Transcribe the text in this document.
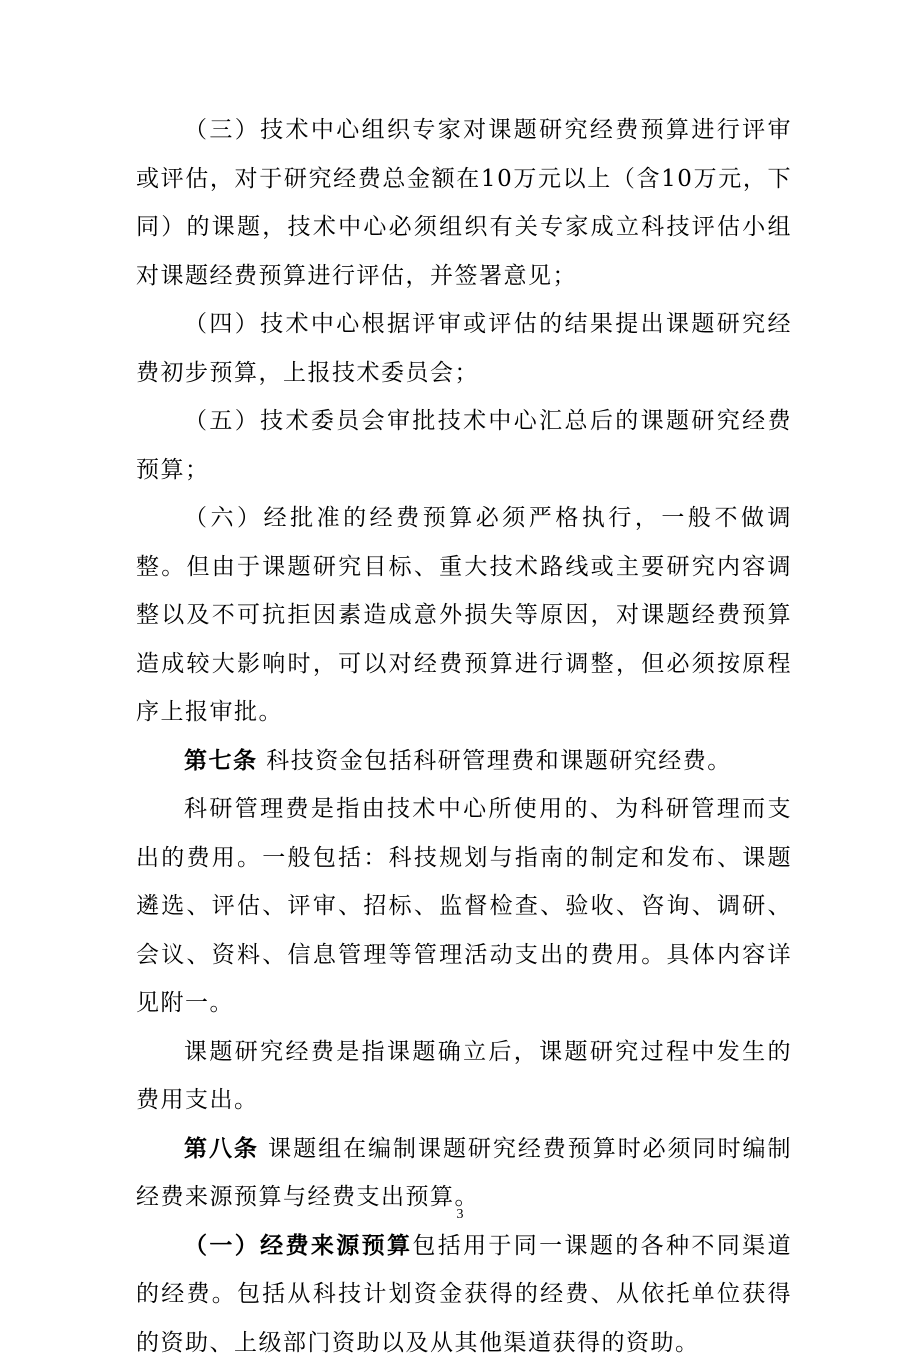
（三）技术中心组织专家对课题研究经费预算进行评审或评估，对于研究经费总金额在10万元以上（含10万元，下同）的课题，技术中心必须组织有关专家成立科技评估小组对课题经费预算进行评估，并签署意见；

（四）技术中心根据评审或评估的结果提出课题研究经费初步预算，上报技术委员会；

（五）技术委员会审批技术中心汇总后的课题研究经费预算；

（六）经批准的经费预算必须严格执行，一般不做调整。但由于课题研究目标、重大技术路线或主要研究内容调整以及不可抗拒因素造成意外损失等原因，对课题经费预算造成较大影响时，可以对经费预算进行调整，但必须按原程序上报审批。

第七条 科技资金包括科研管理费和课题研究经费。

科研管理费是指由技术中心所使用的、为科研管理而支出的费用。一般包括：科技规划与指南的制定和发布、课题遴选、评估、评审、招标、监督检查、验收、咨询、调研、会议、资料、信息管理等管理活动支出的费用。具体内容详见附一。

课题研究经费是指课题确立后，课题研究过程中发生的费用支出。

第八条 课题组在编制课题研究经费预算时必须同时编制经费来源预算与经费支出预算。

（一）经费来源预算包括用于同一课题的各种不同渠道的经费。包括从科技计划资金获得的经费、从依托单位获得的资助、上级部门资助以及从其他渠道获得的资助。

3
